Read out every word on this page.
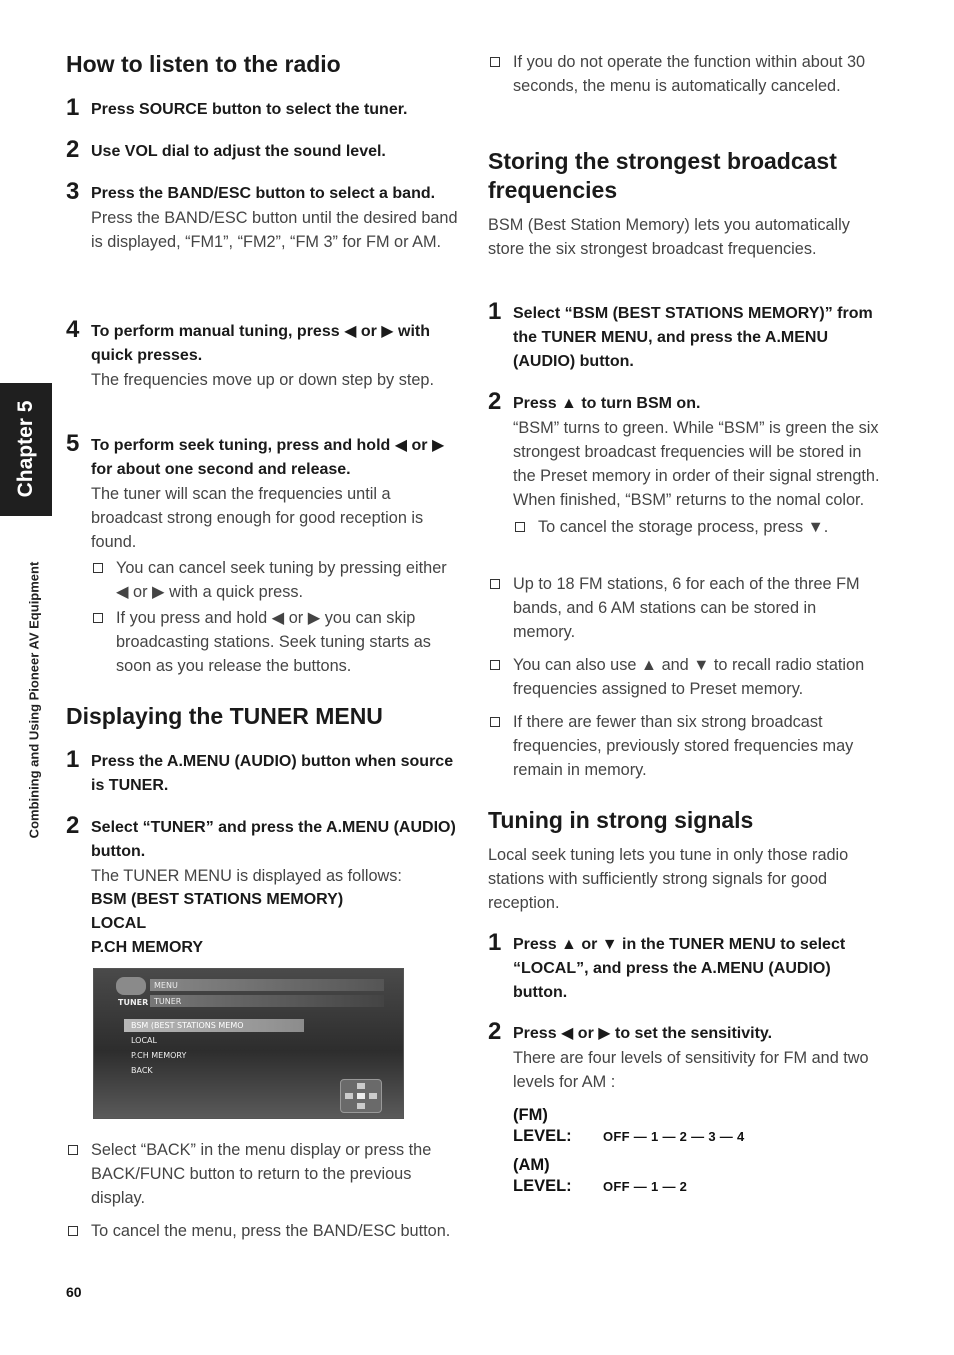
Chapter 5
Combining and Using Pioneer AV Equipment
How to listen to the radio
1 Press SOURCE button to select the tuner.
2 Use VOL dial to adjust the sound level.
3 Press the BAND/ESC button to select a band.
Press the BAND/ESC button until the desired band is displayed, “FM1”, “FM2”, “FM 3” for FM or AM.
4 To perform manual tuning, press ◀ or ▶ with quick presses.
The frequencies move up or down step by step.
5 To perform seek tuning, press and hold ◀ or ▶ for about one second and release.
The tuner will scan the frequencies until a broadcast strong enough for good reception is found.
You can cancel seek tuning by pressing either ◀ or ▶ with a quick press.
If you press and hold ◀ or ▶ you can skip broadcasting stations. Seek tuning starts as soon as you release the buttons.
Displaying the TUNER MENU
1 Press the A.MENU (AUDIO) button when source is TUNER.
2 Select “TUNER” and press the A.MENU (AUDIO) button.
The TUNER MENU is displayed as follows:
BSM (BEST STATIONS MEMORY)
LOCAL
P.CH MEMORY
Select “BACK” in the menu display or press the BACK/FUNC button to return to the previous display.
To cancel the menu, press the BAND/ESC button.
MENU
TUNER TUNER
BSM (BEST STATIONS MEMO
LOCAL
P.CH MEMORY
BACK
If you do not operate the function within about 30 seconds, the menu is automatically canceled.
Storing the strongest broadcast frequencies
BSM (Best Station Memory) lets you automatically store the six strongest broadcast frequencies.
1 Select “BSM (BEST STATIONS MEMORY)” from the TUNER MENU, and press the A.MENU (AUDIO) button.
2 Press ▲ to turn BSM on.
“BSM” turns to green. While “BSM” is green the six strongest broadcast frequencies will be stored in the Preset memory in order of their signal strength. When finished, “BSM” returns to the nomal color.
To cancel the storage process, press ▼.
Up to 18 FM stations, 6 for each of the three FM bands, and 6 AM stations can be stored in memory.
You can also use ▲ and ▼ to recall radio station frequencies assigned to Preset memory.
If there are fewer than six strong broadcast frequencies, previously stored frequencies may remain in memory.
Tuning in strong signals
Local seek tuning lets you tune in only those radio stations with sufficiently strong signals for good reception.
1 Press ▲ or ▼ in the TUNER MENU to select “LOCAL”, and press the A.MENU (AUDIO) button.
2 Press ◀ or ▶ to set the sensitivity.
There are four levels of sensitivity for FM and two levels for AM :
(FM)
LEVEL:	OFF — 1 — 2 — 3 — 4
(AM)
LEVEL:	OFF — 1 — 2
60
